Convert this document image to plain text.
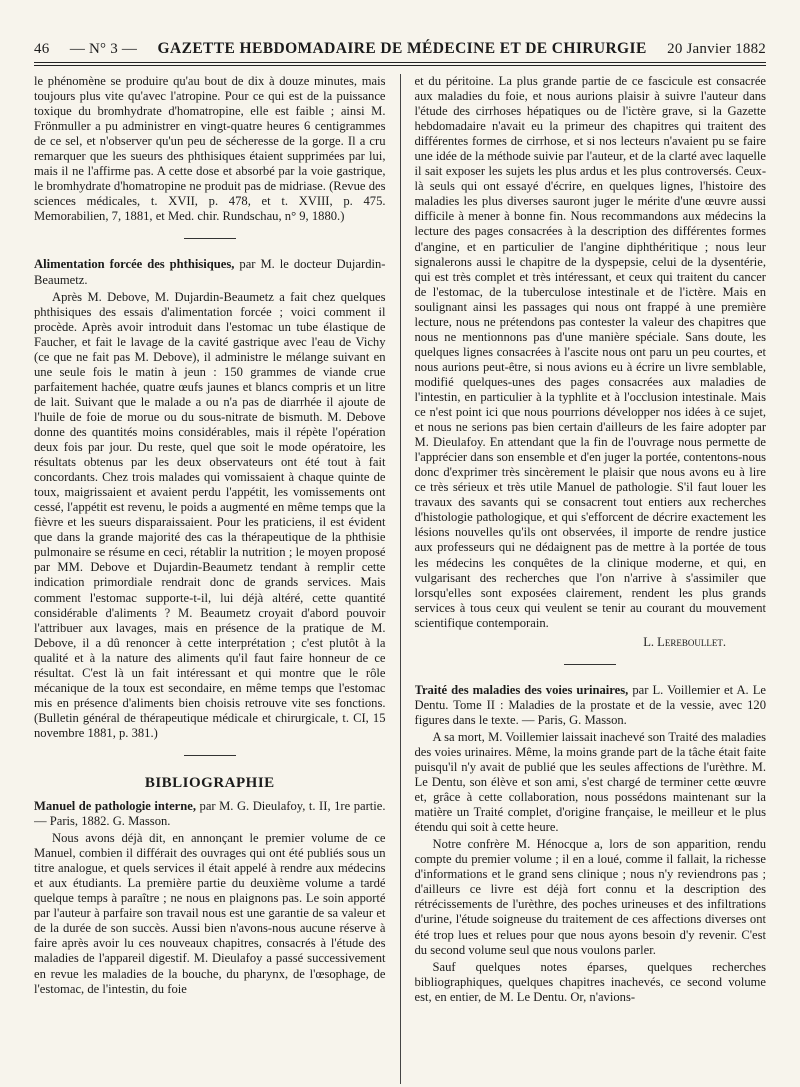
46 — N° 3 — GAZETTE HEBDOMADAIRE DE MÉDECINE ET DE CHIRURGIE 20 Janvier 1882

le phénomène se produire qu'au bout de dix à douze minutes, mais toujours plus vite qu'avec l'atropine. Pour ce qui est de la puissance toxique du bromhydrate d'homatropine, elle est faible ; ainsi M. Frönmuller a pu administrer en vingt-quatre heures 6 centigrammes de ce sel, et n'observer qu'un peu de sécheresse de la gorge. Il a cru remarquer que les sueurs des phthisiques étaient supprimées par lui, mais il ne l'affirme pas. A cette dose et absorbé par la voie gastrique, le bromhydrate d'homatropine ne produit pas de midriase. (Revue des sciences médicales, t. XVII, p. 478, et t. XVIII, p. 475. Memorabilien, 7, 1881, et Med. chir. Rundschau, n° 9, 1880.)

Alimentation forcée des phthisiques, par M. le docteur Dujardin-Beaumetz.

Après M. Debove, M. Dujardin-Beaumetz a fait chez quelques phthisiques des essais d'alimentation forcée ; voici comment il procède. Après avoir introduit dans l'estomac un tube élastique de Faucher, et fait le lavage de la cavité gastrique avec l'eau de Vichy (ce que ne fait pas M. Debove), il administre le mélange suivant en une seule fois le matin à jeun : 150 grammes de viande crue parfaitement hachée, quatre œufs jaunes et blancs compris et un litre de lait. Suivant que le malade a ou n'a pas de diarrhée il ajoute de l'huile de foie de morue ou du sous-nitrate de bismuth. M. Debove donne des quantités moins considérables, mais il répète l'opération deux fois par jour. Du reste, quel que soit le mode opératoire, les résultats obtenus par les deux observateurs ont été tout à fait concordants. Chez trois malades qui vomissaient à chaque quinte de toux, maigrissaient et avaient perdu l'appétit, les vomissements ont cessé, l'appétit est revenu, le poids a augmenté en même temps que la fièvre et les sueurs disparaissaient. Pour les praticiens, il est évident que dans la grande majorité des cas la thérapeutique de la phthisie pulmonaire se résume en ceci, rétablir la nutrition ; le moyen proposé par MM. Debove et Dujardin-Beaumetz tendant à remplir cette indication primordiale rendrait donc de grands services. Mais comment l'estomac supporte-t-il, lui déjà altéré, cette quantité considérable d'aliments ? M. Beaumetz croyait d'abord pouvoir l'attribuer aux lavages, mais en présence de la pratique de M. Debove, il a dû renoncer à cette interprétation ; c'est plutôt à la qualité et à la nature des aliments qu'il faut faire honneur de ce résultat. C'est là un fait intéressant et qui montre que le rôle mécanique de la toux est secondaire, en même temps que l'estomac mis en présence d'aliments bien choisis retrouve vite ses fonctions. (Bulletin général de thérapeutique médicale et chirurgicale, t. CI, 15 novembre 1881, p. 381.)

BIBLIOGRAPHIE

Manuel de pathologie interne, par M. G. Dieulafoy, t. II, 1re partie. — Paris, 1882. G. Masson.

Nous avons déjà dit, en annonçant le premier volume de ce Manuel, combien il différait des ouvrages qui ont été publiés sous un titre analogue, et quels services il était appelé à rendre aux médecins et aux étudiants. La première partie du deuxième volume a tardé quelque temps à paraître ; ne nous en plaignons pas. Le soin apporté par l'auteur à parfaire son travail nous est une garantie de sa valeur et de la durée de son succès. Aussi bien n'avons-nous aucune réserve à faire après avoir lu ces nouveaux chapitres, consacrés à l'étude des maladies de l'appareil digestif. M. Dieulafoy a passé successivement en revue les maladies de la bouche, du pharynx, de l'œsophage, de l'estomac, de l'intestin, du foie

et du péritoine. La plus grande partie de ce fascicule est consacrée aux maladies du foie, et nous aurions plaisir à suivre l'auteur dans l'étude des cirrhoses hépatiques ou de l'ictère grave, si la Gazette hebdomadaire n'avait eu la primeur des chapitres qui traitent des différentes formes de cirrhose, et si nos lecteurs n'avaient pu se faire une idée de la méthode suivie par l'auteur, et de la clarté avec laquelle il sait exposer les sujets les plus ardus et les plus controversés. Ceux-là seuls qui ont essayé d'écrire, en quelques lignes, l'histoire des maladies les plus diverses sauront juger le mérite d'une œuvre aussi difficile à mener à bonne fin. Nous recommandons aux médecins la lecture des pages consacrées à la description des différentes formes d'angine, et en particulier de l'angine diphthéritique ; nous leur signalerons aussi le chapitre de la dyspepsie, celui de la dysentérie, qui est très complet et très intéressant, et ceux qui traitent du cancer de l'estomac, de la tuberculose intestinale et de l'ictère. Mais en soulignant ainsi les passages qui nous ont frappé à une première lecture, nous ne prétendons pas contester la valeur des chapitres que nous ne mentionnons pas d'une manière spéciale. Sans doute, les quelques lignes consacrées à l'ascite nous ont paru un peu courtes, et nous aurions peut-être, si nous avions eu à écrire un livre semblable, modifié quelques-unes des pages consacrées aux maladies de l'intestin, en particulier à la typhlite et à l'occlusion intestinale. Mais ce n'est point ici que nous pourrions développer nos idées à ce sujet, et nous ne serions pas bien certain d'ailleurs de les faire adopter par M. Dieulafoy. En attendant que la fin de l'ouvrage nous permette de l'apprécier dans son ensemble et d'en juger la portée, contentons-nous donc d'exprimer très sincèrement le plaisir que nous avons eu à lire ce très sérieux et très utile Manuel de pathologie. S'il faut louer les travaux des savants qui se consacrent tout entiers aux recherches d'histologie pathologique, et qui s'efforcent de décrire exactement les lésions nouvelles qu'ils ont observées, il importe de rendre justice aux professeurs qui ne dédaignent pas de mettre à la portée de tous les médecins les conquêtes de la clinique moderne, et qui, en vulgarisant des recherches que l'on n'arrive à s'assimiler que lorsqu'elles sont exposées clairement, rendent les plus grands services à tous ceux qui veulent se tenir au courant du mouvement scientifique contemporain.

L. Lereboullet.

Traité des maladies des voies urinaires, par L. Voillemier et A. Le Dentu. Tome II : Maladies de la prostate et de la vessie, avec 120 figures dans le texte. — Paris, G. Masson.

A sa mort, M. Voillemier laissait inachevé son Traité des maladies des voies urinaires. Même, la moins grande part de la tâche était faite puisqu'il n'y avait de publié que les seules affections de l'urèthre. M. Le Dentu, son élève et son ami, s'est chargé de terminer cette œuvre et, grâce à cette collaboration, nous possédons maintenant sur la matière un Traité complet, d'origine française, le meilleur et le plus étendu qui soit à cette heure.

Notre confrère M. Hénocque a, lors de son apparition, rendu compte du premier volume ; il en a loué, comme il fallait, la richesse d'informations et le grand sens clinique ; nous n'y reviendrons pas ; d'ailleurs ce livre est déjà fort connu et la description des rétrécissements de l'urèthre, des poches urineuses et des infiltrations d'urine, l'étude soigneuse du traitement de ces affections diverses ont été trop lues et relues pour que nous ayons besoin d'y revenir. C'est du second volume seul que nous voulons parler.

Sauf quelques notes éparses, quelques recherches bibliographiques, quelques chapitres inachevés, ce second volume est, en entier, de M. Le Dentu. Or, n'avions-
